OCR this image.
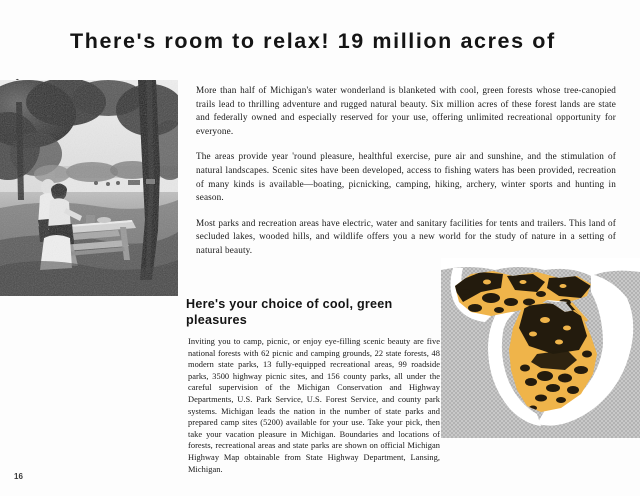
There's room to relax! 19 million acres of

More than half of Michigan's water wonderland is blanketed with cool, green forests whose tree-canopied trails lead to thrilling adventure and rugged natural beauty. Six million acres of these forest lands are state and federally owned and especially reserved for your use, offering unlimited recreational opportunity for everyone.

The areas provide year 'round pleasure, healthful exercise, pure air and sunshine, and the stimulation of natural landscapes. Scenic sites have been developed, access to fishing waters has been provided, recreation of many kinds is available—boating, picnicking, camping, hiking, archery, winter sports and hunting in season.

Most parks and recreation areas have electric, water and sanitary facilities for tents and trailers. This land of secluded lakes, wooded hills, and wildlife offers you a new world for the study of nature in a setting of natural beauty.

Here's your choice of cool, green pleasures

Inviting you to camp, picnic, or enjoy eye-filling scenic beauty are five national forests with 62 picnic and camping grounds, 22 state forests, 48 modern state parks, 13 fully-equipped recreational areas, 99 roadside parks, 3500 highway picnic sites, and 156 county parks, all under the careful supervision of the Michigan Conservation and Highway Departments, U.S. Park Service, U.S. Forest Service, and county park systems. Michigan leads the nation in the number of state parks and prepared camp sites (5200) available for your use. Take your pick, then take your vacation pleasure in Michigan. Boundaries and locations of forests, recreational areas and state parks are shown on official Michigan Highway Map obtainable from State Highway Department, Lansing, Michigan.

16
